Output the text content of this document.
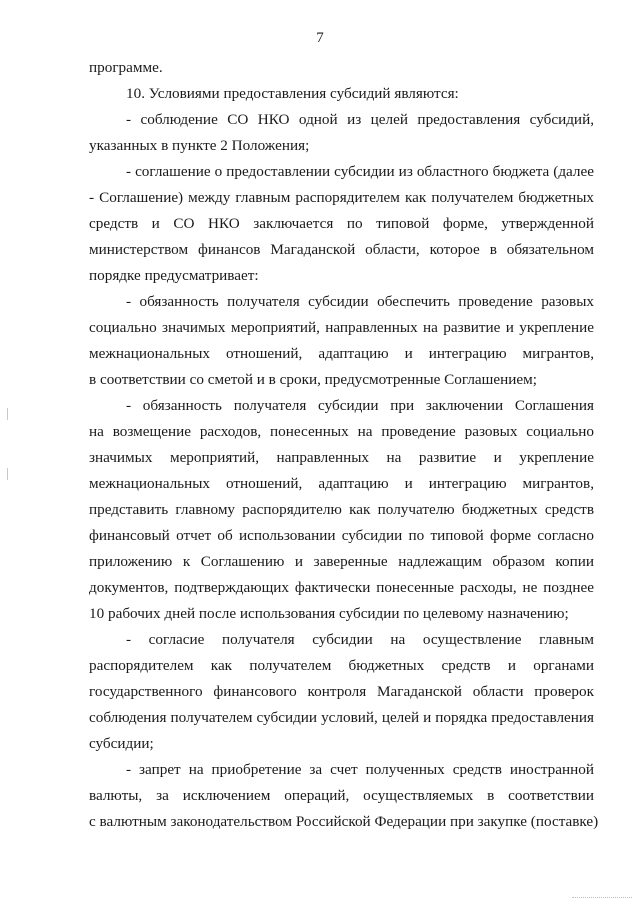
7
программе.
10. Условиями предоставления субсидий являются:
- соблюдение СО НКО одной из целей предоставления субсидий,
указанных в пункте 2 Положения;
- соглашение о предоставлении субсидии из областного бюджета (далее
- Соглашение) между главным распорядителем как получателем бюджетных
средств и СО НКО заключается по типовой форме, утвержденной
министерством финансов Магаданской области, которое в обязательном
порядке предусматривает:
- обязанность получателя субсидии обеспечить проведение разовых
социально значимых мероприятий, направленных на развитие и укрепление
межнациональных отношений, адаптацию и интеграцию мигрантов,
в соответствии со сметой и в сроки, предусмотренные Соглашением;
- обязанность получателя субсидии при заключении Соглашения
на возмещение расходов, понесенных на проведение разовых социально
значимых мероприятий, направленных на развитие и укрепление
межнациональных отношений, адаптацию и интеграцию мигрантов,
представить главному распорядителю как получателю бюджетных средств
финансовый отчет об использовании субсидии по типовой форме согласно
приложению к Соглашению и заверенные надлежащим образом копии
документов, подтверждающих фактически понесенные расходы, не позднее
10 рабочих дней после использования субсидии по целевому назначению;
- согласие получателя субсидии на осуществление главным
распорядителем как получателем бюджетных средств и органами
государственного финансового контроля Магаданской области проверок
соблюдения получателем субсидии условий, целей и порядка предоставления
субсидии;
- запрет на приобретение за счет полученных средств иностранной
валюты, за исключением операций, осуществляемых в соответствии
с валютным законодательством Российской Федерации при закупке (поставке)
